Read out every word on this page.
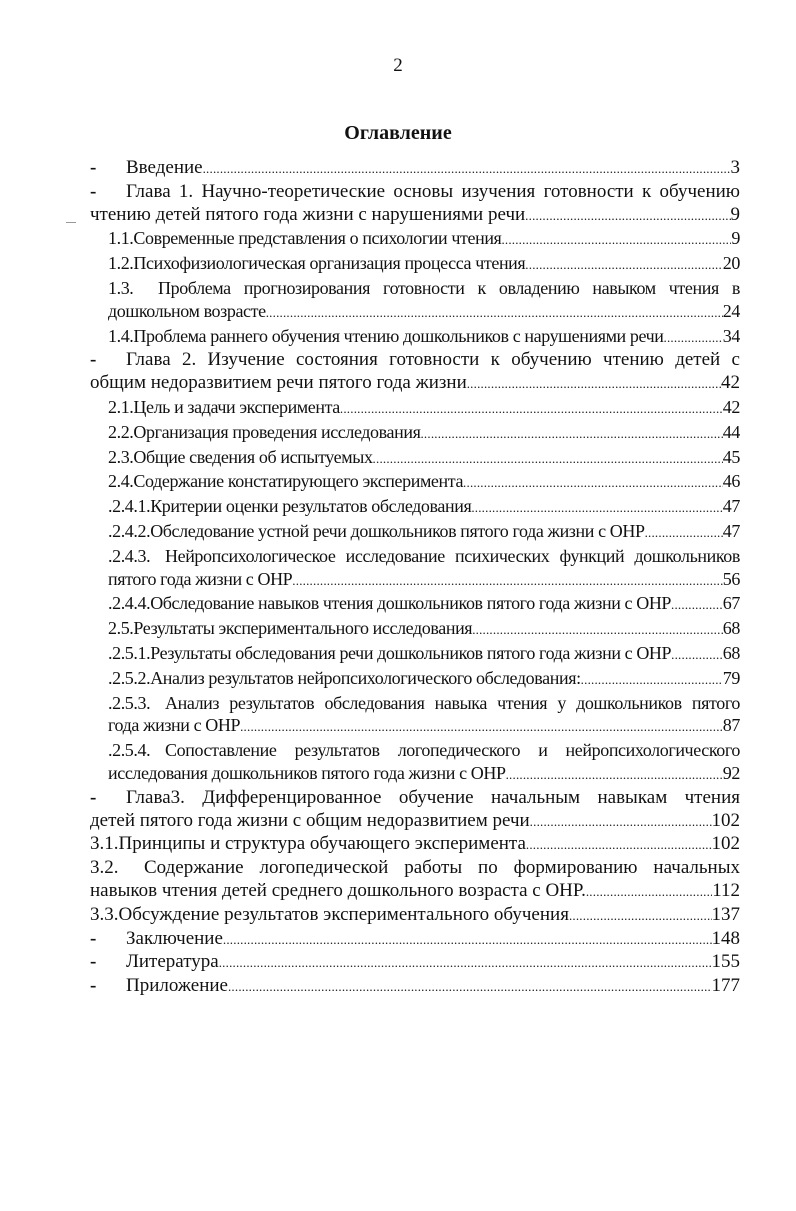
2
Оглавление
- Введение .....	3
- Глава 1. Научно-теоретические основы изучения готовности к обучению
чтению детей пятого года жизни с нарушениями речи .....	9
1.1. Современные представления о психологии чтения .....	9
1.2. Психофизиологическая организация процесса чтения .....	20
1.3. Проблема прогнозирования готовности к овладению навыком чтения в
дошкольном возрасте .....	24
1.4. Проблема раннего обучения чтению дошкольников с нарушениями речи .....	34
- Глава 2. Изучение состояния готовности к обучению чтению детей с
общим недоразвитием речи пятого года жизни .....	42
2.1. Цель и задачи эксперимента .....	42
2.2. Организация проведения исследования .....	44
2.3. Общие сведения об испытуемых .....	45
2.4. Содержание констатирующего эксперимента .....	46
.2.4.1. Критерии оценки результатов обследования .....	47
.2.4.2. Обследование устной речи дошкольников пятого года жизни с ОНР .....	47
.2.4.3. Нейропсихологическое исследование психических функций дошкольников
пятого года жизни с ОНР .....	56
.2.4.4. Обследование навыков чтения дошкольников пятого года жизни с ОНР .....	67
2.5. Результаты экспериментального исследования .....	68
.2.5.1. Результаты обследования речи дошкольников пятого года жизни с ОНР .....	68
.2.5.2. Анализ результатов нейропсихологического обследования: .....	79
.2.5.3. Анализ результатов обследования навыка чтения у дошкольников пятого
года жизни с ОНР .....	87
.2.5.4. Сопоставление результатов логопедического и нейропсихологического
исследования дошкольников пятого года жизни с ОНР .....	92
- Глава3. Дифференцированное обучение начальным навыкам чтения
детей пятого года жизни с общим недоразвитием речи .....	102
3.1. Принципы и структура обучающего эксперимента .....	102
3.2. Содержание логопедической работы по формированию начальных
навыков чтения детей среднего дошкольного возраста с ОНР. .....	112
3.3. Обсуждение результатов экспериментального обучения .....	137
- Заключение .....	148
- Литература .....	155
- Приложение .....	177
